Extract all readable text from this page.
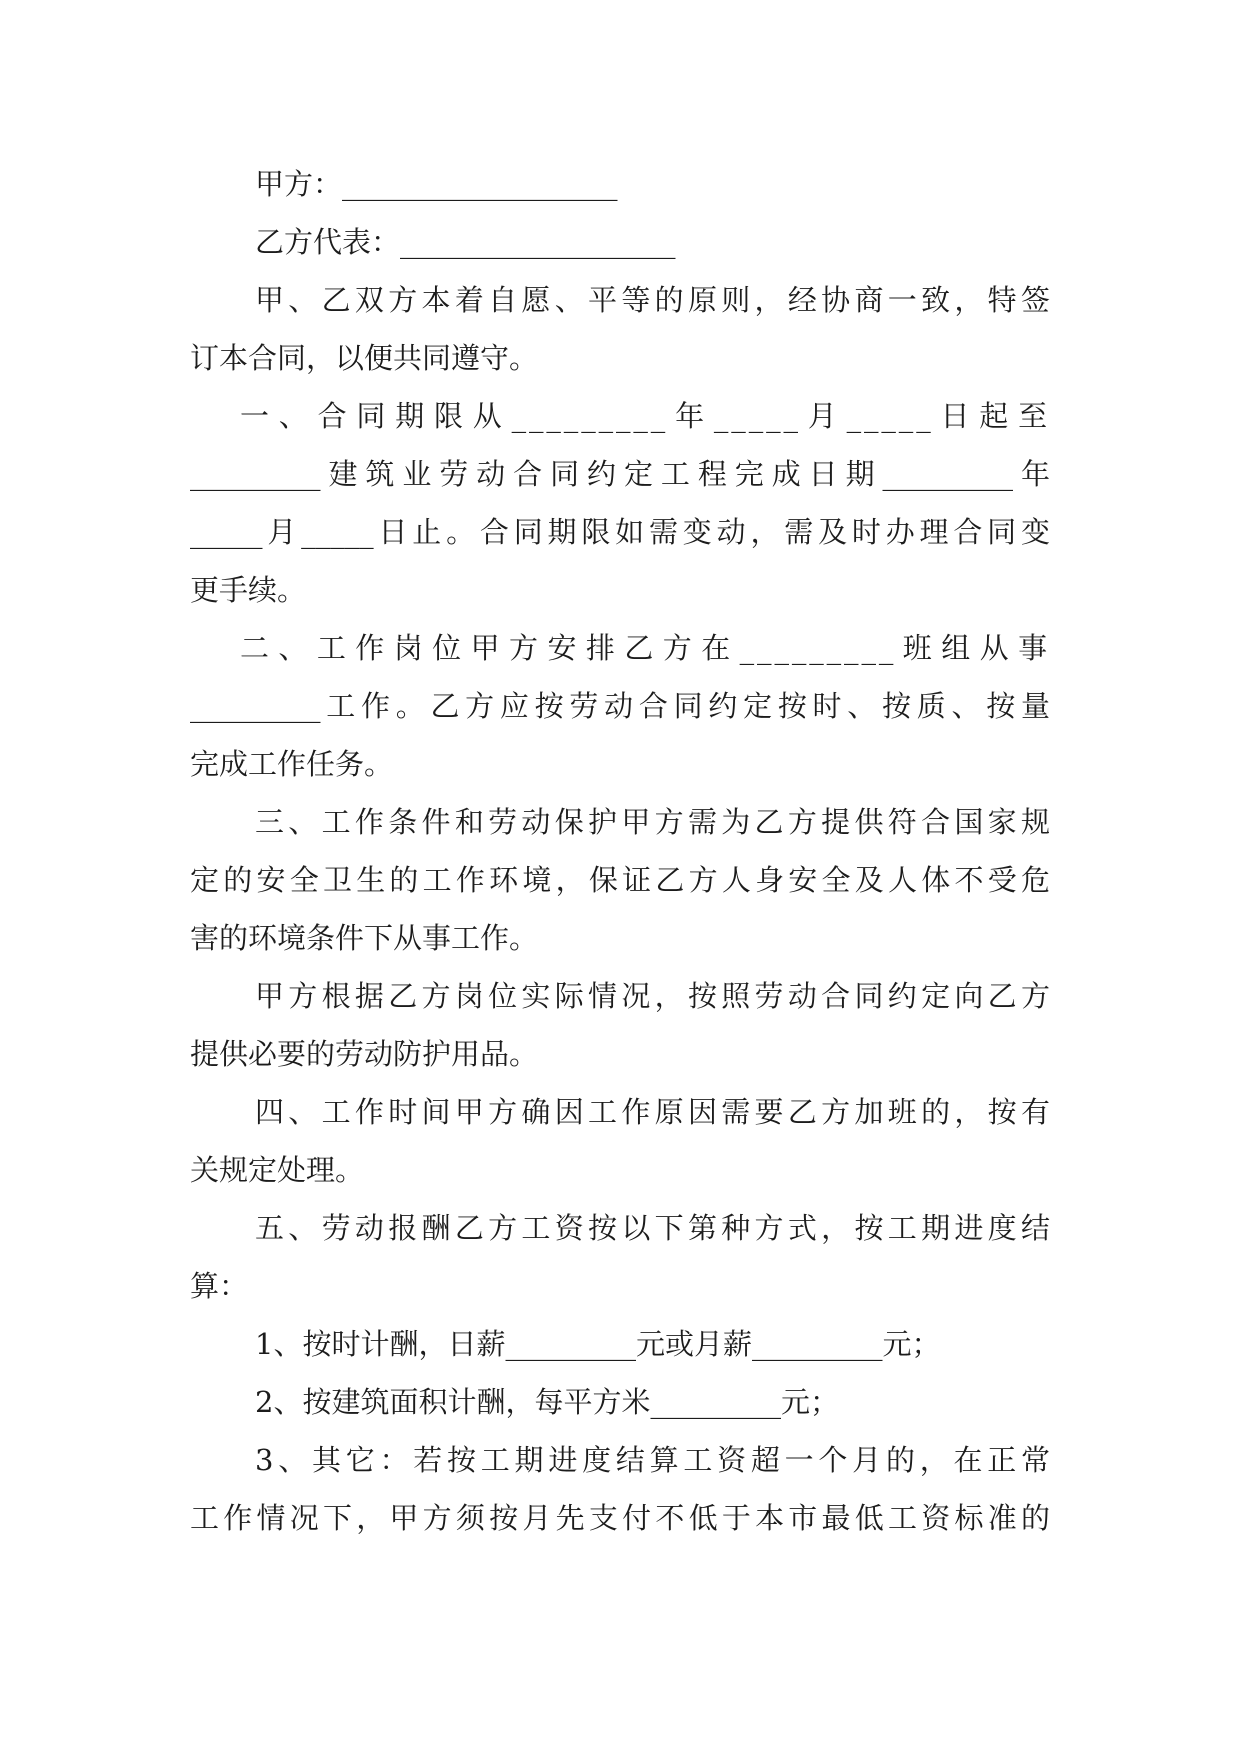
甲方：___________________
乙方代表：___________________
甲、乙双方本着自愿、平等的原则，经协商一致，特签
订本合同，以便共同遵守。
一、合同期限从_________年_____月_____日起至
_________建筑业劳动合同约定工程完成日期_________年
_____月_____日止。合同期限如需变动，需及时办理合同变
更手续。
二、工作岗位甲方安排乙方在_________班组从事
_________工作。乙方应按劳动合同约定按时、按质、按量
完成工作任务。
三、工作条件和劳动保护甲方需为乙方提供符合国家规
定的安全卫生的工作环境，保证乙方人身安全及人体不受危
害的环境条件下从事工作。
甲方根据乙方岗位实际情况，按照劳动合同约定向乙方
提供必要的劳动防护用品。
四、工作时间甲方确因工作原因需要乙方加班的，按有
关规定处理。
五、劳动报酬乙方工资按以下第种方式，按工期进度结
算：
1、按时计酬，日薪_________元或月薪_________元；
2、按建筑面积计酬，每平方米_________元；
3、其它：若按工期进度结算工资超一个月的，在正常
工作情况下，甲方须按月先支付不低于本市最低工资标准的
